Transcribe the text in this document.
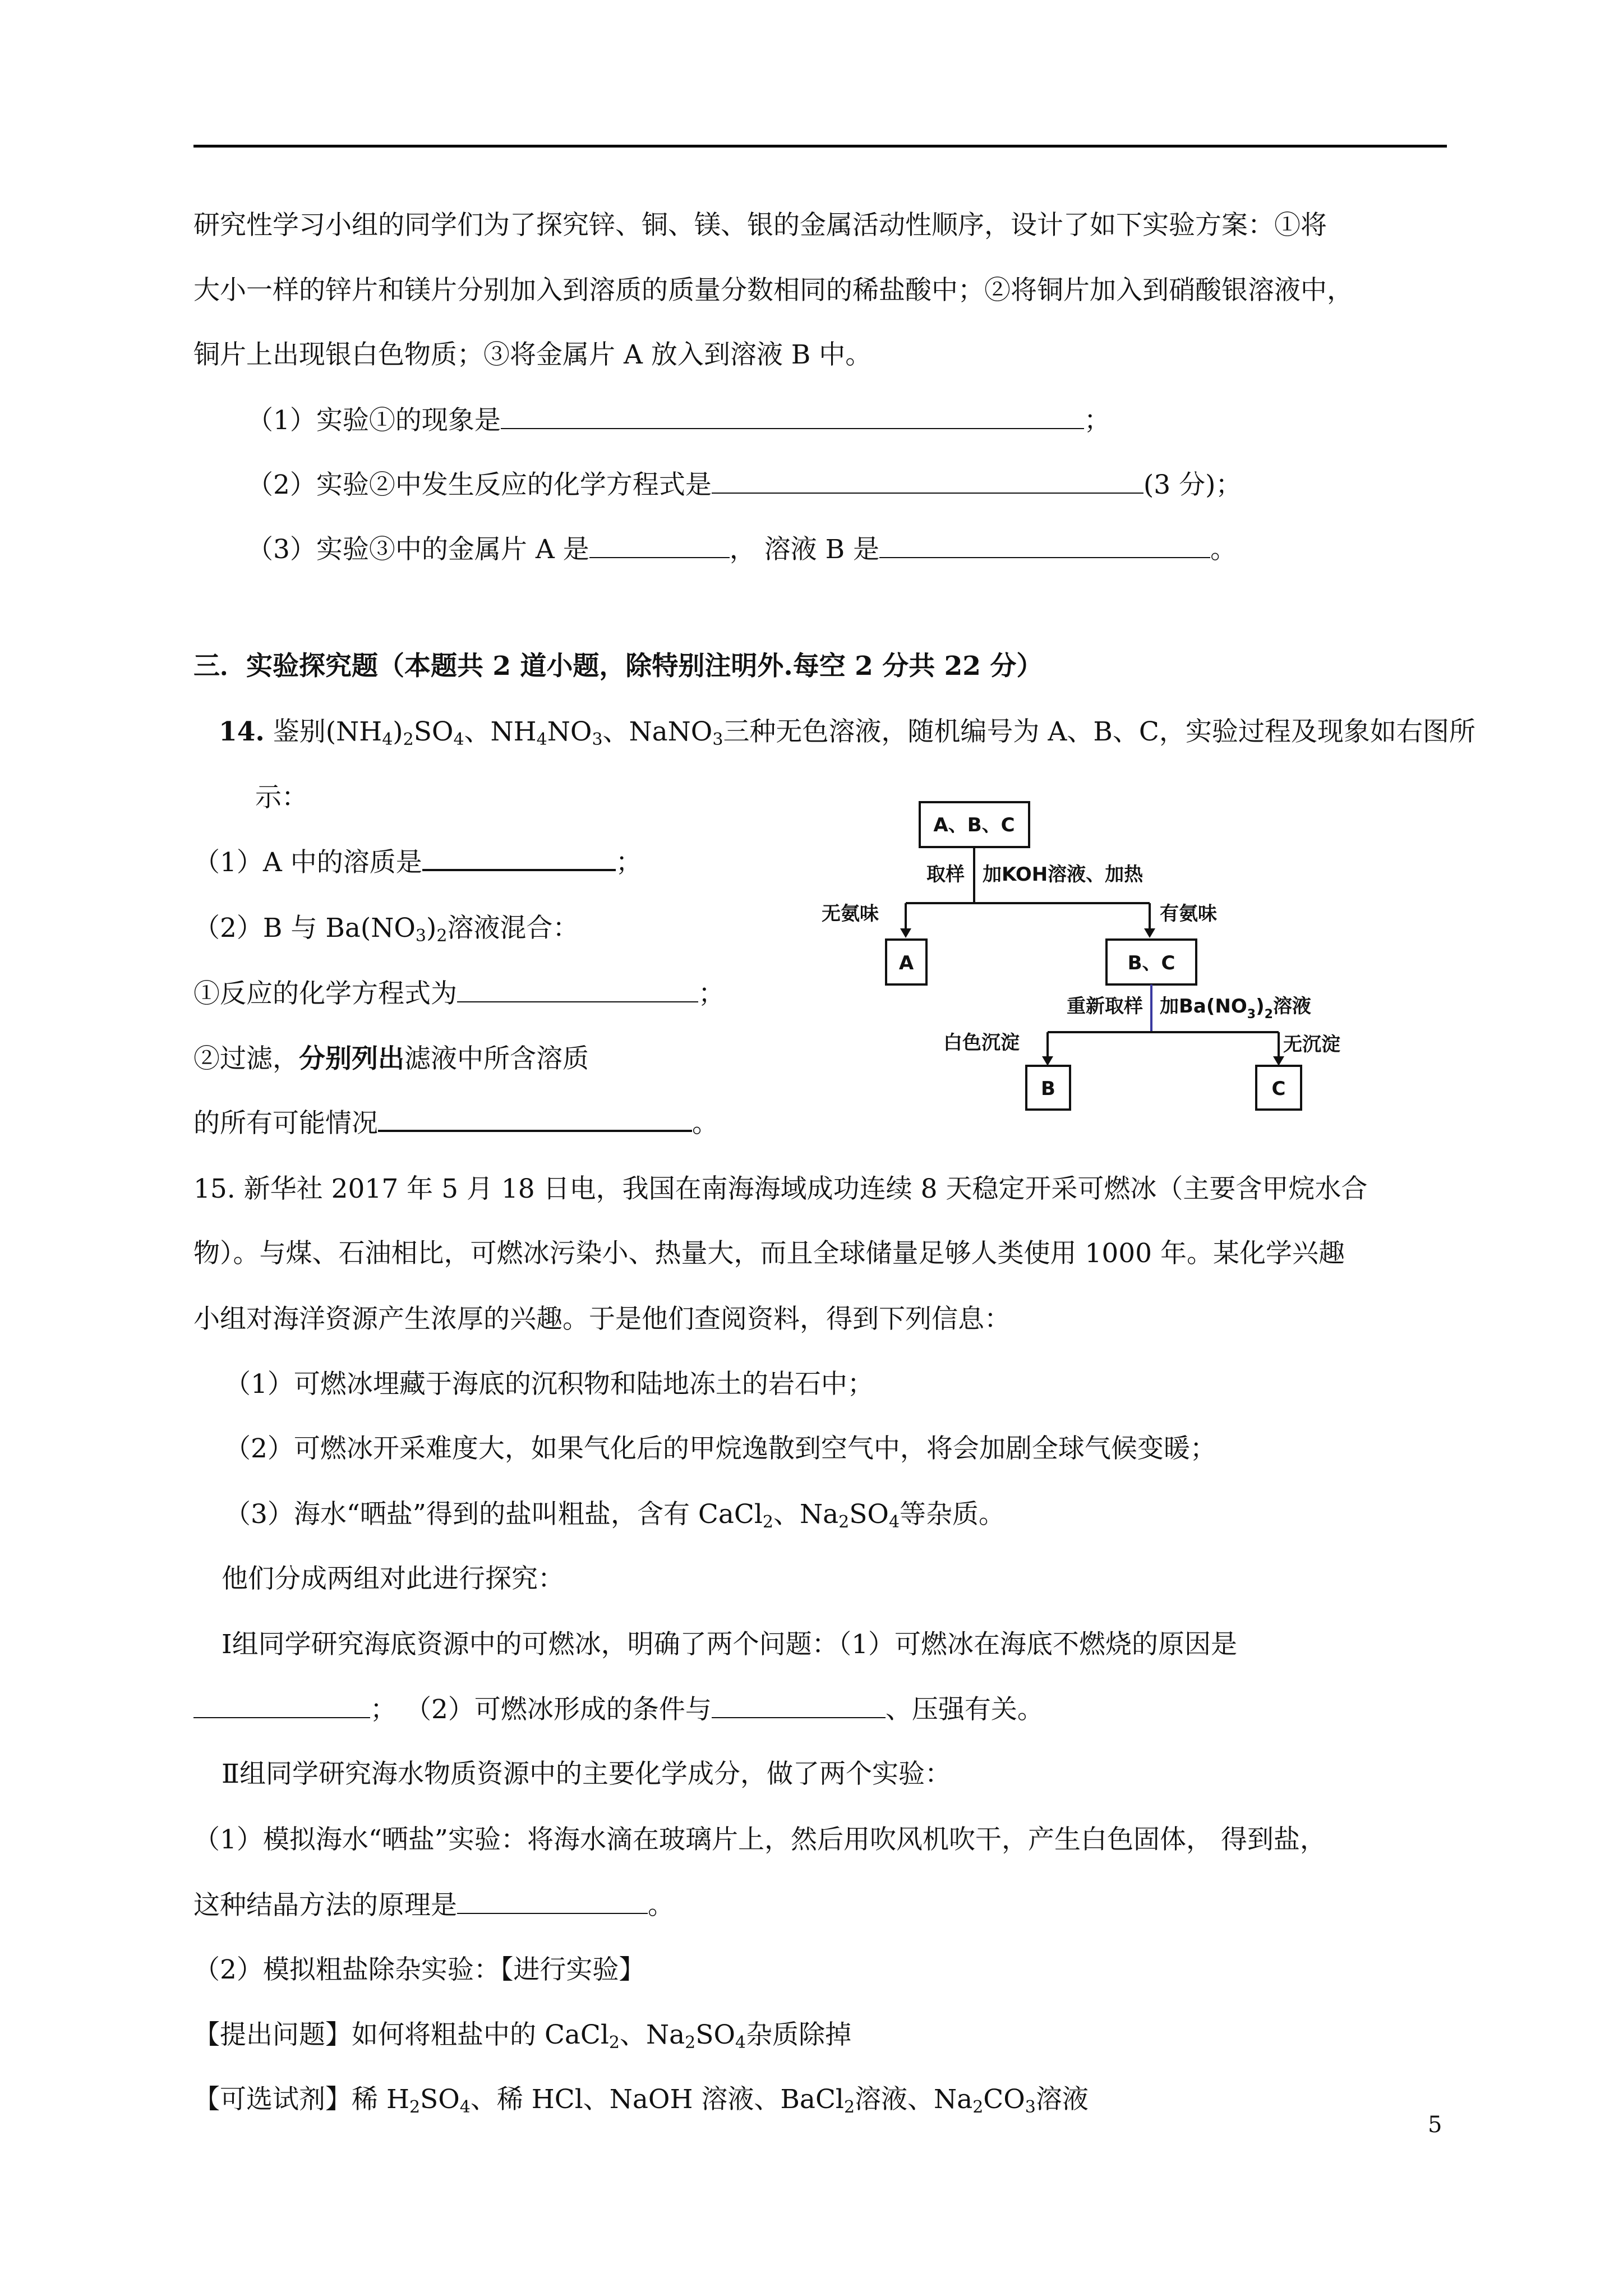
研究性学习小组的同学们为了探究锌、铜、镁、银的金属活动性顺序，设计了如下实验方案：①将
大小一样的锌片和镁片分别加入到溶质的质量分数相同的稀盐酸中；②将铜片加入到硝酸银溶液中，
铜片上出现银白色物质；③将金属片 A 放入到溶液 B 中。
（1）实验①的现象是	；
（2）实验②中发生反应的化学方程式是	(3 分)；
（3）实验③中的金属片 A 是	， 溶液 B 是	。
三．实验探究题（本题共 2 道小题，除特别注明外.每空 2 分共 22 分）
14. 鉴别$(NH_4)_2SO_4$、$NH_4NO_3$、NaNO$_3$三种无色溶液，随机编号为 A、B、C，实验过程及现象如右图所
示：
（1）A 中的溶质是	；
（2）B 与 $Ba(NO_3)_2$溶液混合：
①反应的化学方程式为	；
②过滤，分别列出滤液中所含溶质
的所有可能情况	。
A、B、C
取样 加KOH溶液、加热
无氨味	有氨味
A	B、C
重新取样 加$Ba(NO_3)_2$溶液
白色沉淀	无沉淀
B	C
15. 新华社 2017 年 5 月 18 日电，我国在南海海域成功连续 8 天稳定开采可燃冰（主要含甲烷水合
物）。与煤、石油相比，可燃冰污染小、热量大，而且全球储量足够人类使用 1000 年。某化学兴趣
小组对海洋资源产生浓厚的兴趣。于是他们查阅资料，得到下列信息：
（1）可燃冰埋藏于海底的沉积物和陆地冻土的岩石中；
（2）可燃冰开采难度大，如果气化后的甲烷逸散到空气中，将会加剧全球气候变暖；
（3）海水“晒盐”得到的盐叫粗盐，含有 CaCl$_2$、$Na_2SO_4$等杂质。
他们分成两组对此进行探究：
Ⅰ组同学研究海底资源中的可燃冰，明确了两个问题：（1）可燃冰在海底不燃烧的原因是
； （2）可燃冰形成的条件与	、压强有关。
Ⅱ组同学研究海水物质资源中的主要化学成分，做了两个实验：
（1）模拟海水“晒盐”实验：将海水滴在玻璃片上，然后用吹风机吹干，产生白色固体， 得到盐，
这种结晶方法的原理是	。
（2）模拟粗盐除杂实验：【进行实验】
【提出问题】如何将粗盐中的 CaCl$_2$、$Na_2SO_4$杂质除掉
【可选试剂】稀 $H_2SO_4$、稀 HCl、NaOH 溶液、BaCl$_2$溶液、$Na_2CO_3$溶液
5
